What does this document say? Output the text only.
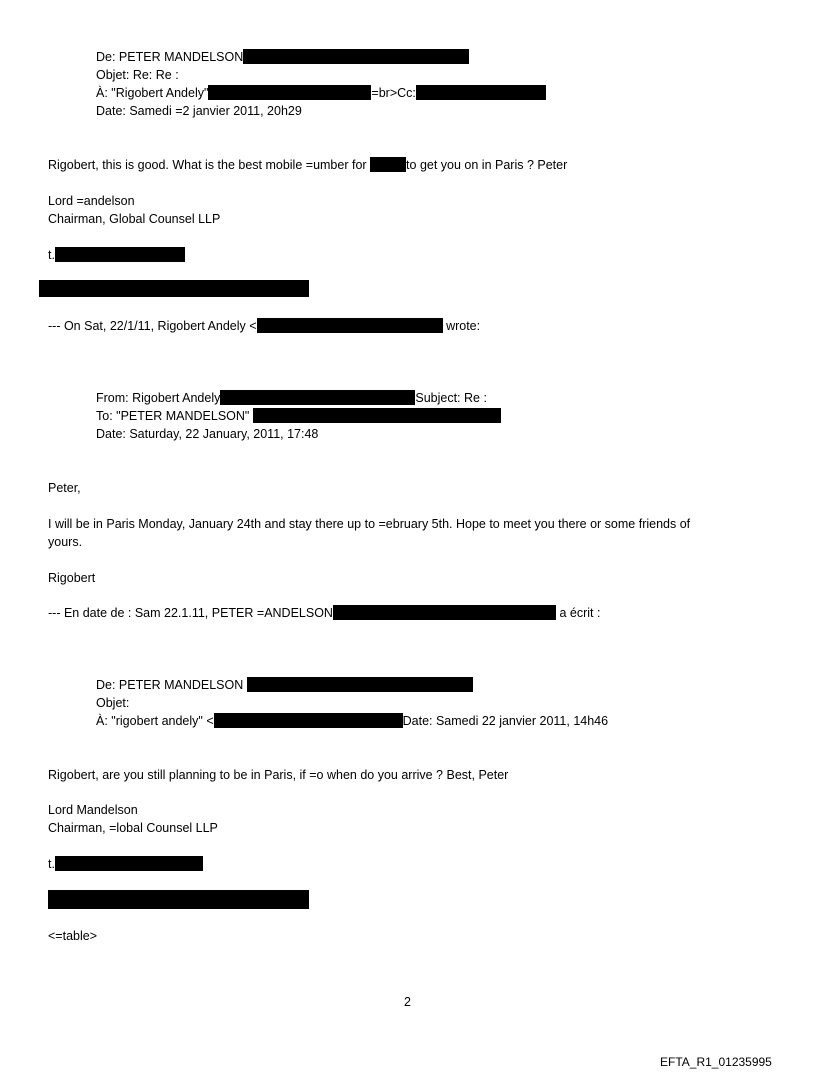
De: PETER MANDELSON
Objet: Re: Re :
À: "Rigobert Andely"	=br>Cc:
Date: Samedi =2 janvier 2011, 20h29
Rigobert, this is good. What is the best mobile =umber for	to get you on in Paris ? Peter
Lord =andelson
Chairman, Global Counsel LLP
t.
--- On Sat, 22/1/11, Rigobert Andely <	wrote:
From: Rigobert Andely	Subject: Re :
To: "PETER MANDELSON"
Date: Saturday, 22 January, 2011, 17:48
Peter,
I will be in Paris Monday, January 24th and stay there up to =ebruary 5th. Hope to meet you there or some friends of
yours.
Rigobert
--- En date de : Sam 22.1.11, PETER =ANDELSON	a écrit :
De: PETER MANDELSON
Objet:
À: "rigobert andely" <	Date: Samedi 22 janvier 2011, 14h46
Rigobert, are you still planning to be in Paris, if =o when do you arrive ? Best, Peter
Lord Mandelson
Chairman, =lobal Counsel LLP
t.
<=table>
2
EFTA_R1_01235995
